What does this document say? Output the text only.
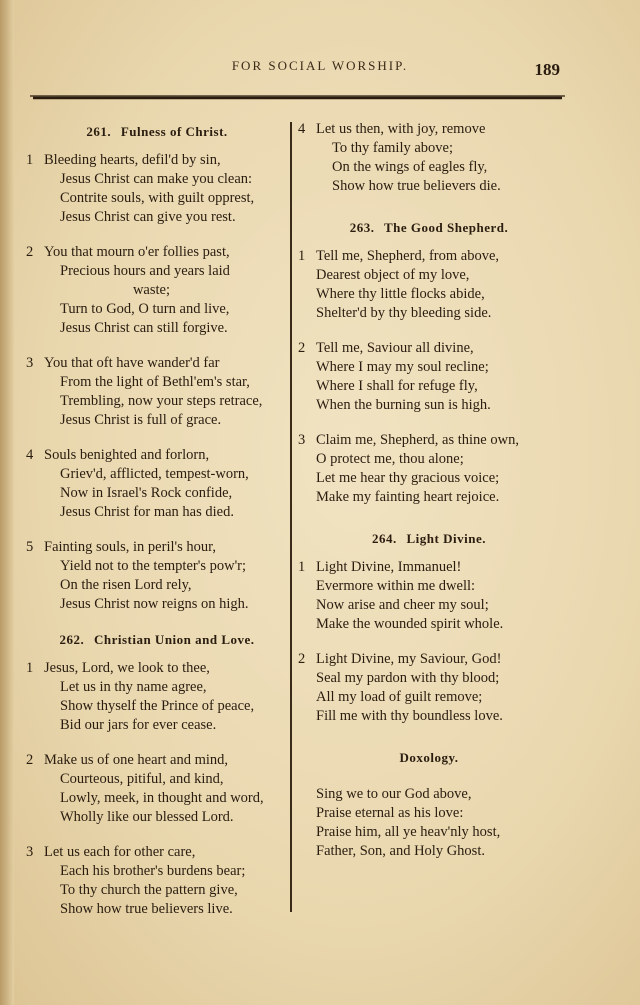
FOR SOCIAL WORSHIP.	189
261. Fulness of Christ.
1 Bleeding hearts, defil'd by sin,
Jesus Christ can make you clean:
Contrite souls, with guilt opprest,
Jesus Christ can give you rest.
2 You that mourn o'er follies past,
Precious hours and years laid
waste;
Turn to God, O turn and live,
Jesus Christ can still forgive.
3 You that oft have wander'd far
From the light of Bethl'em's star,
Trembling, now your steps retrace,
Jesus Christ is full of grace.
4 Souls benighted and forlorn,
Griev'd, afflicted, tempest-worn,
Now in Israel's Rock confide,
Jesus Christ for man has died.
5 Fainting souls, in peril's hour,
Yield not to the tempter's pow'r;
On the risen Lord rely,
Jesus Christ now reigns on high.
262. Christian Union and Love.
1 Jesus, Lord, we look to thee,
Let us in thy name agree,
Show thyself the Prince of peace,
Bid our jars for ever cease.
2 Make us of one heart and mind,
Courteous, pitiful, and kind,
Lowly, meek, in thought and word,
Wholly like our blessed Lord.
3 Let us each for other care,
Each his brother's burdens bear;
To thy church the pattern give,
Show how true believers live.
4 Let us then, with joy, remove
To thy family above;
On the wings of eagles fly,
Show how true believers die.
263. The Good Shepherd.
1 Tell me, Shepherd, from above,
Dearest object of my love,
Where thy little flocks abide,
Shelter'd by thy bleeding side.
2 Tell me, Saviour all divine,
Where I may my soul recline;
Where I shall for refuge fly,
When the burning sun is high.
3 Claim me, Shepherd, as thine own,
O protect me, thou alone;
Let me hear thy gracious voice;
Make my fainting heart rejoice.
264. Light Divine.
1 Light Divine, Immanuel!
Evermore within me dwell:
Now arise and cheer my soul;
Make the wounded spirit whole.
2 Light Divine, my Saviour, God!
Seal my pardon with thy blood;
All my load of guilt remove;
Fill me with thy boundless love.
Doxology.
Sing we to our God above,
Praise eternal as his love:
Praise him, all ye heav'nly host,
Father, Son, and Holy Ghost.
